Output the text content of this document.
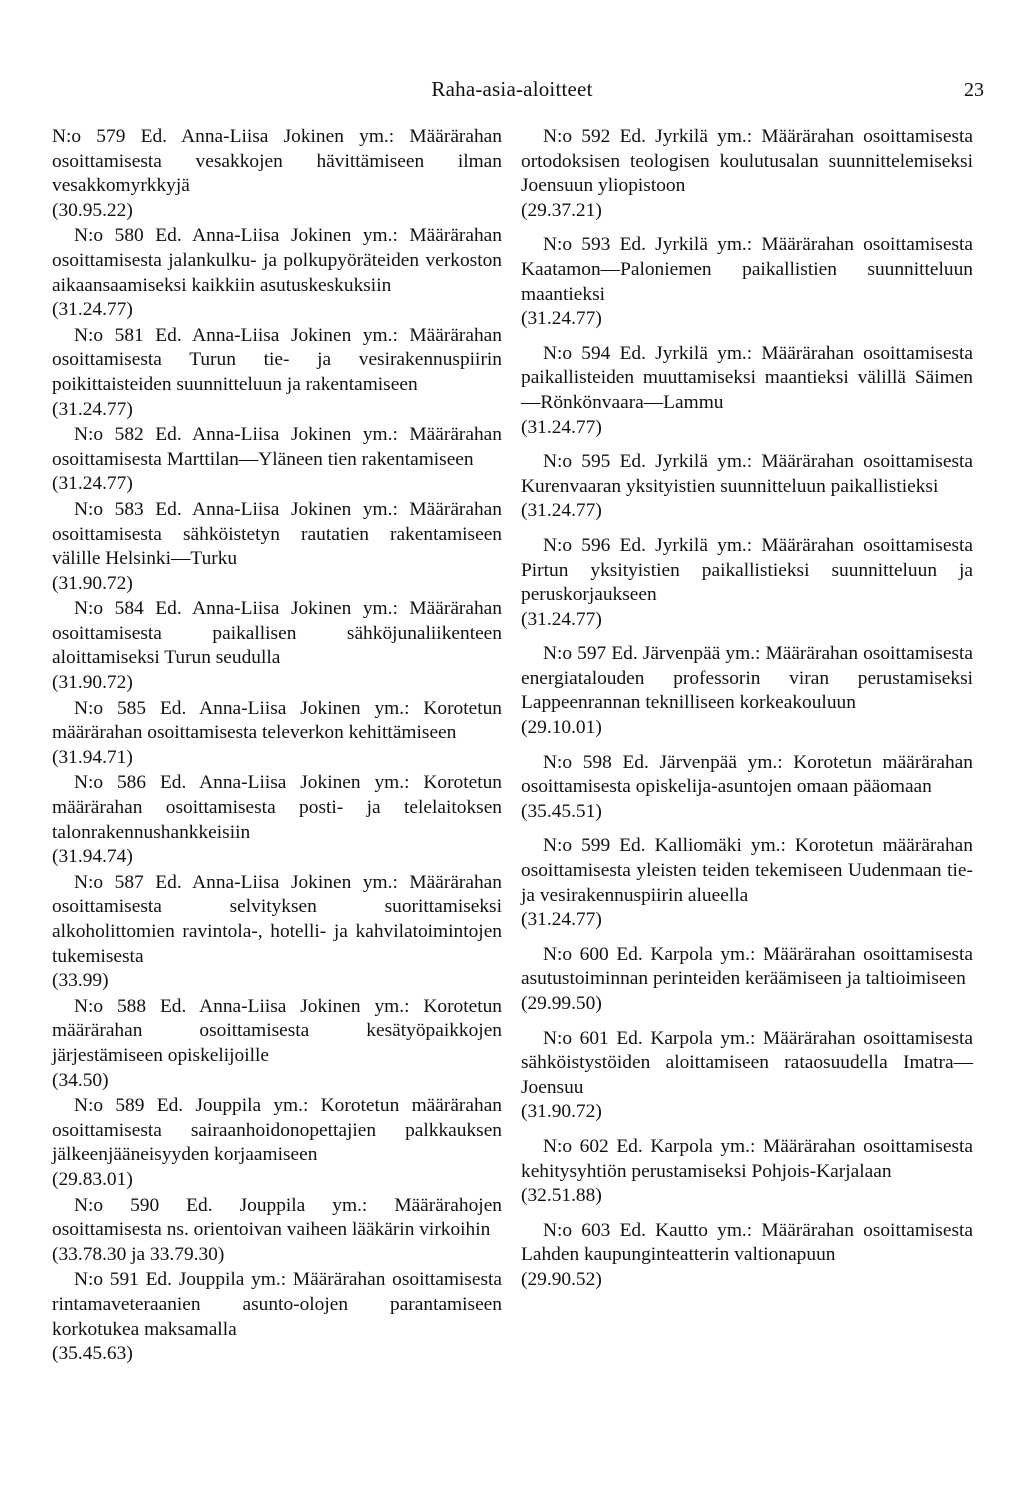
Raha-asia-aloitteet	23

N:o 579 Ed. Anna-Liisa Jokinen ym.: Määrärahan osoittamisesta vesakkojen hävittämiseen ilman vesakkomyrkkyjä

(30.95.22)

N:o 580 Ed. Anna-Liisa Jokinen ym.: Määrärahan osoittamisesta jalankulku- ja polkupyöräteiden verkoston aikaansaamiseksi kaikkiin asutuskeskuksiin

(31.24.77)

N:o 581 Ed. Anna-Liisa Jokinen ym.: Määrärahan osoittamisesta Turun tie- ja vesirakennuspiirin poikittaisteiden suunnitteluun ja rakentamiseen

(31.24.77)

N:o 582 Ed. Anna-Liisa Jokinen ym.: Määrärahan osoittamisesta Marttilan—Yläneen tien rakentamiseen

(31.24.77)

N:o 583 Ed. Anna-Liisa Jokinen ym.: Määrärahan osoittamisesta sähköistetyn rautatien rakentamiseen välille Helsinki—Turku

(31.90.72)

N:o 584 Ed. Anna-Liisa Jokinen ym.: Määrärahan osoittamisesta paikallisen sähköjunaliikenteen aloittamiseksi Turun seudulla

(31.90.72)

N:o 585 Ed. Anna-Liisa Jokinen ym.: Korotetun määrärahan osoittamisesta televerkon kehittämiseen

(31.94.71)

N:o 586 Ed. Anna-Liisa Jokinen ym.: Korotetun määrärahan osoittamisesta posti- ja telelaitoksen talonrakennushankkeisiin

(31.94.74)

N:o 587 Ed. Anna-Liisa Jokinen ym.: Määrärahan osoittamisesta selvityksen suorittamiseksi alkoholittomien ravintola-, hotelli- ja kahvilatoimintojen tukemisesta

(33.99)

N:o 588 Ed. Anna-Liisa Jokinen ym.: Korotetun määrärahan osoittamisesta kesätyöpaikkojen järjestämiseen opiskelijoille

(34.50)

N:o 589 Ed. Jouppila ym.: Korotetun määrärahan osoittamisesta sairaanhoidonopettajien palkkauksen jälkeenjääneisyyden korjaamiseen

(29.83.01)

N:o 590 Ed. Jouppila ym.: Määrärahojen osoittamisesta ns. orientoivan vaiheen lääkärin virkoihin

(33.78.30 ja 33.79.30)

N:o 591 Ed. Jouppila ym.: Määrärahan osoittamisesta rintamaveteraanien asunto-olojen parantamiseen korkotukea maksamalla

(35.45.63)

N:o 592 Ed. Jyrkilä ym.: Määrärahan osoittamisesta ortodoksisen teologisen koulutusalan suunnittelemiseksi Joensuun yliopistoon

(29.37.21)

N:o 593 Ed. Jyrkilä ym.: Määrärahan osoittamisesta Kaatamon—Paloniemen paikallistien suunnitteluun maantieksi

(31.24.77)

N:o 594 Ed. Jyrkilä ym.: Määrärahan osoittamisesta paikallisteiden muuttamiseksi maantieksi välillä Säimen—Rönkönvaara—Lammu

(31.24.77)

N:o 595 Ed. Jyrkilä ym.: Määrärahan osoittamisesta Kurenvaaran yksityistien suunnitteluun paikallistieksi

(31.24.77)

N:o 596 Ed. Jyrkilä ym.: Määrärahan osoittamisesta Pirtun yksityistien paikallistieksi suunnitteluun ja peruskorjaukseen

(31.24.77)

N:o 597 Ed. Järvenpää ym.: Määrärahan osoittamisesta energiatalouden professorin viran perustamiseksi Lappeenrannan teknilliseen korkeakouluun

(29.10.01)

N:o 598 Ed. Järvenpää ym.: Korotetun määrärahan osoittamisesta opiskelija-asuntojen omaan pääomaan

(35.45.51)

N:o 599 Ed. Kalliomäki ym.: Korotetun määrärahan osoittamisesta yleisten teiden tekemiseen Uudenmaan tie- ja vesirakennuspiirin alueella

(31.24.77)

N:o 600 Ed. Karpola ym.: Määrärahan osoittamisesta asutustoiminnan perinteiden keräämiseen ja taltioimiseen

(29.99.50)

N:o 601 Ed. Karpola ym.: Määrärahan osoittamisesta sähköistystöiden aloittamiseen rataosuudella Imatra—Joensuu

(31.90.72)

N:o 602 Ed. Karpola ym.: Määrärahan osoittamisesta kehitysyhtiön perustamiseksi Pohjois-Karjalaan

(32.51.88)

N:o 603 Ed. Kautto ym.: Määrärahan osoittamisesta Lahden kaupunginteatterin valtionapuun

(29.90.52)
